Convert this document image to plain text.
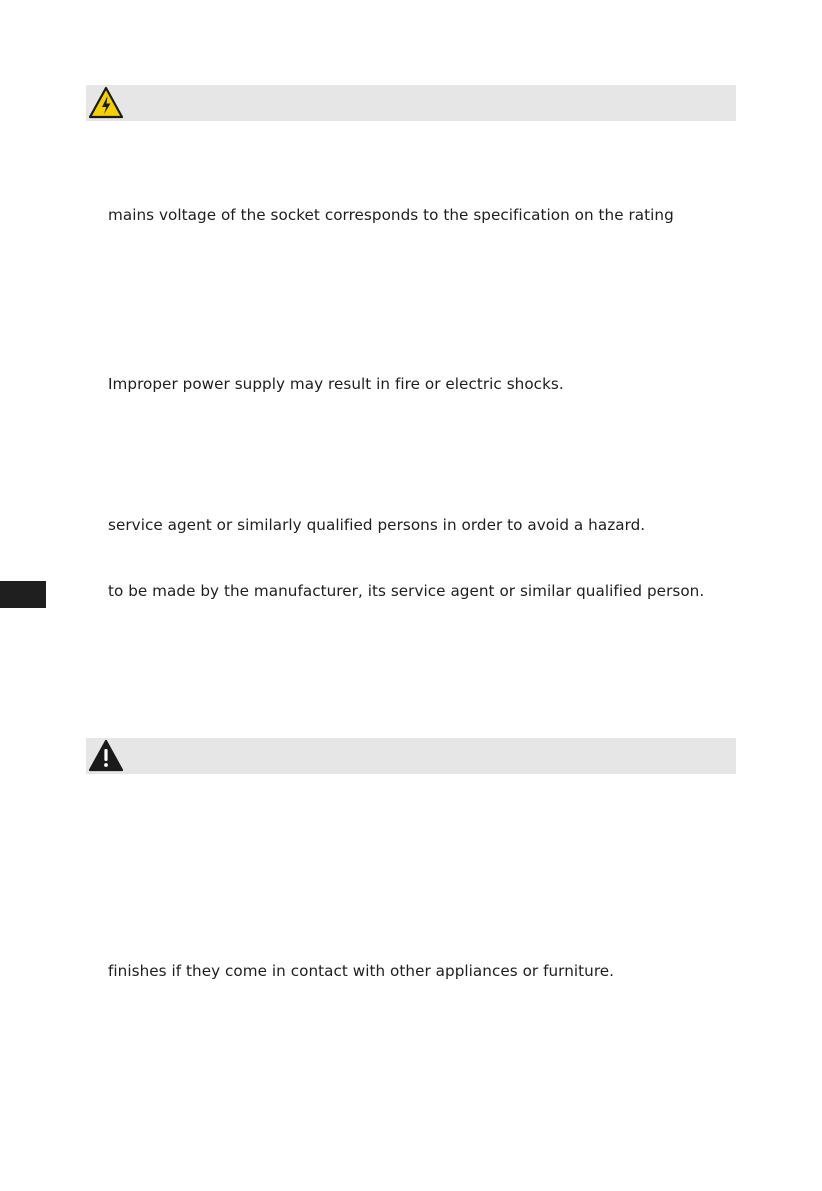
mains voltage of the socket corresponds to the specification on the rating
Improper power supply may result in fire or electric shocks.
service agent or similarly qualified persons in order to avoid a hazard.
to be made by the manufacturer, its service agent or similar qualified person.
finishes if they come in contact with other appliances or furniture.
